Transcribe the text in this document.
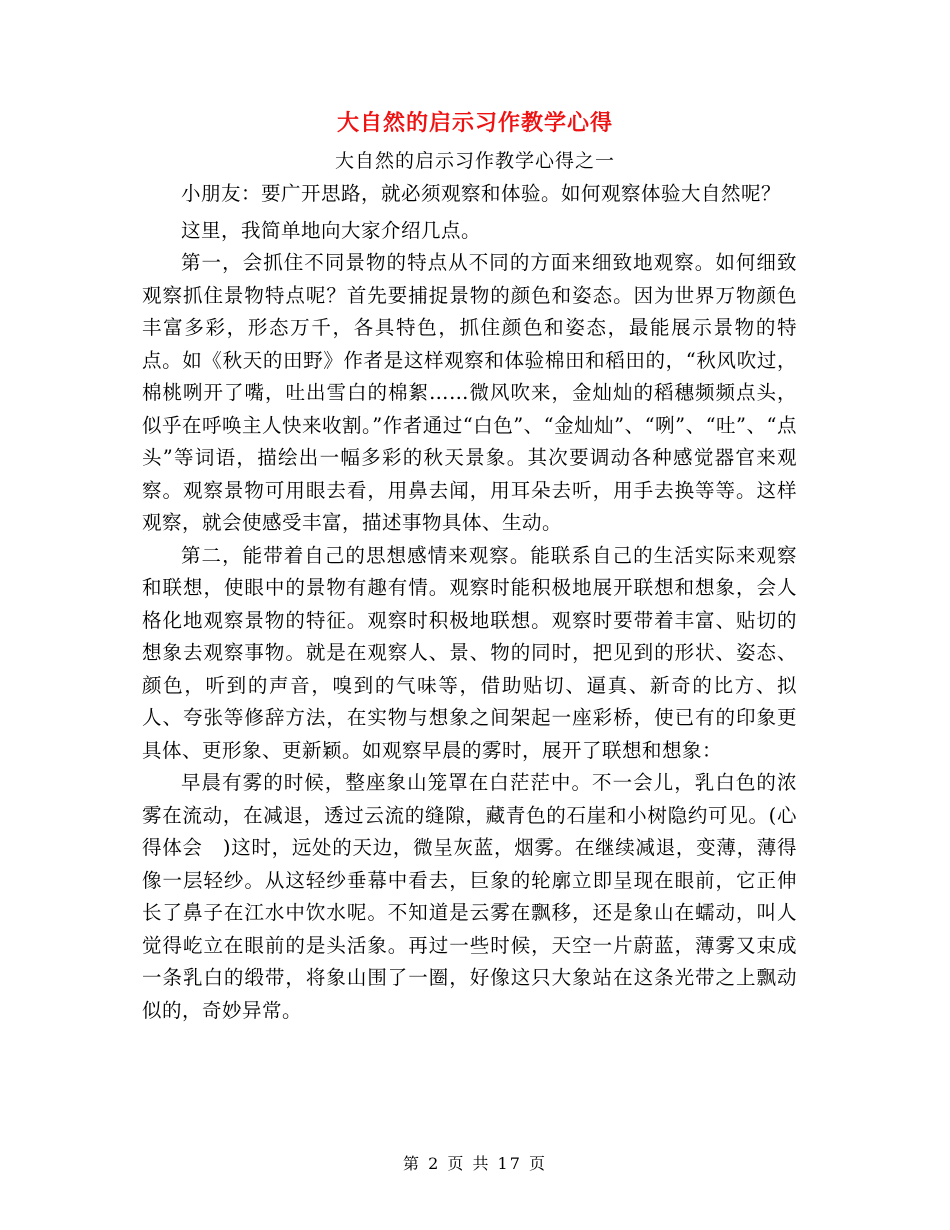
大自然的启示习作教学心得
大自然的启示习作教学心得之一

小朋友：要广开思路，就必须观察和体验。如何观察体验大自然呢？

这里，我简单地向大家介绍几点。

第一，会抓住不同景物的特点从不同的方面来细致地观察。如何细致观察抓住景物特点呢？首先要捕捉景物的颜色和姿态。因为世界万物颜色丰富多彩，形态万千，各具特色，抓住颜色和姿态，最能展示景物的特点。如《秋天的田野》作者是这样观察和体验棉田和稻田的，“秋风吹过，棉桃咧开了嘴，吐出雪白的棉絮……微风吹来，金灿灿的稻穗频频点头，似乎在呼唤主人快来收割。”作者通过“白色”、“金灿灿”、“咧”、“吐”、“点头”等词语，描绘出一幅多彩的秋天景象。其次要调动各种感觉器官来观察。观察景物可用眼去看，用鼻去闻，用耳朵去听，用手去换等等。这样观察，就会使感受丰富，描述事物具体、生动。

第二，能带着自己的思想感情来观察。能联系自己的生活实际来观察和联想，使眼中的景物有趣有情。观察时能积极地展开联想和想象，会人格化地观察景物的特征。观察时积极地联想。观察时要带着丰富、贴切的想象去观察事物。就是在观察人、景、物的同时，把见到的形状、姿态、颜色，听到的声音，嗅到的气味等，借助贴切、逼真、新奇的比方、拟人、夸张等修辞方法，在实物与想象之间架起一座彩桥，使已有的印象更具体、更形象、更新颖。如观察早晨的雾时，展开了联想和想象：

早晨有雾的时候，整座象山笼罩在白茫茫中。不一会儿，乳白色的浓雾在流动，在减退，透过云流的缝隙，藏青色的石崖和小树隐约可见。(心得体会　)这时，远处的天边，微呈灰蓝，烟雾。在继续减退，变薄，薄得像一层轻纱。从这轻纱垂幕中看去，巨象的轮廓立即呈现在眼前，它正伸长了鼻子在江水中饮水呢。不知道是云雾在飘移，还是象山在蠕动，叫人觉得屹立在眼前的是头活象。再过一些时候，天空一片蔚蓝，薄雾又束成一条乳白的缎带，将象山围了一圈，好像这只大象站在这条光带之上飘动似的，奇妙异常。

第 2 页 共 17 页
